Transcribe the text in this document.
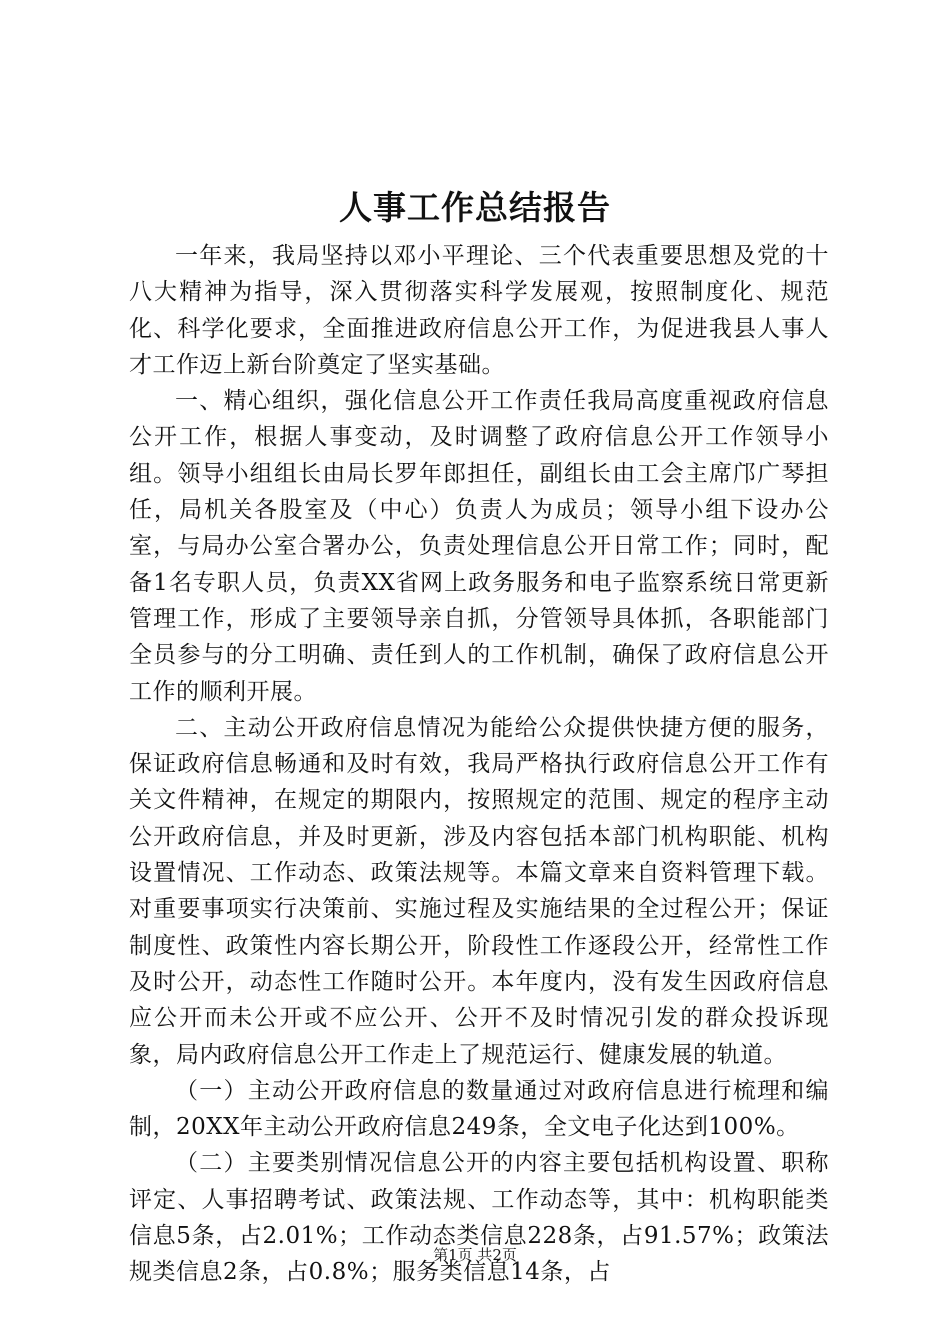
人事工作总结报告

一年来，我局坚持以邓小平理论、三个代表重要思想及党的十八大精神为指导，深入贯彻落实科学发展观，按照制度化、规范化、科学化要求，全面推进政府信息公开工作，为促进我县人事人才工作迈上新台阶奠定了坚实基础。

一、精心组织，强化信息公开工作责任我局高度重视政府信息公开工作，根据人事变动，及时调整了政府信息公开工作领导小组。领导小组组长由局长罗年郎担任，副组长由工会主席邝广琴担任，局机关各股室及（中心）负责人为成员；领导小组下设办公室，与局办公室合署办公，负责处理信息公开日常工作；同时，配备1名专职人员，负责XX省网上政务服务和电子监察系统日常更新管理工作，形成了主要领导亲自抓，分管领导具体抓，各职能部门全员参与的分工明确、责任到人的工作机制，确保了政府信息公开工作的顺利开展。

二、主动公开政府信息情况为能给公众提供快捷方便的服务，保证政府信息畅通和及时有效，我局严格执行政府信息公开工作有关文件精神，在规定的期限内，按照规定的范围、规定的程序主动公开政府信息，并及时更新，涉及内容包括本部门机构职能、机构设置情况、工作动态、政策法规等。本篇文章来自资料管理下载。对重要事项实行决策前、实施过程及实施结果的全过程公开；保证制度性、政策性内容长期公开，阶段性工作逐段公开，经常性工作及时公开，动态性工作随时公开。本年度内，没有发生因政府信息应公开而未公开或不应公开、公开不及时情况引发的群众投诉现象，局内政府信息公开工作走上了规范运行、健康发展的轨道。

（一）主动公开政府信息的数量通过对政府信息进行梳理和编制，20XX年主动公开政府信息249条，全文电子化达到100%。

（二）主要类别情况信息公开的内容主要包括机构设置、职称评定、人事招聘考试、政策法规、工作动态等，其中：机构职能类信息5条，占2.01%；工作动态类信息228条，占91.57%；政策法规类信息2条，占0.8%；服务类信息14条，占

第1页 共2页
